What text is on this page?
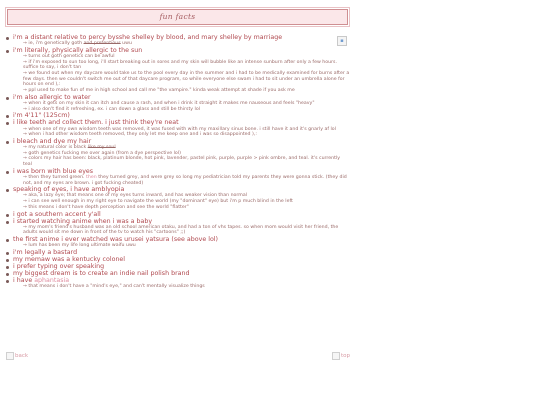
fun facts
i'm a distant relative to percy bysshe shelley by blood, and mary shelley by marriage
→ ie, i'm genetically goth and pretentious uwu
i'm literally, physically allergic to the sun
→ turns out goth genetics can be awful
→ if i'm exposed to sun too long, i'll start breaking out in sores and my skin will bubble like an intense sunburn after only a few hours. suffice to say, i don't tan
→ we found out when my daycare would take us to the pool every day in the summer and i had to be medically examined for burns after a few days. then we couldn't switch me out of that daycare program, so while everyone else swam i had to sit under an umbrella alone for hours on end ),:
→ ppl used to make fun of me in high school and call me "the vampire." kinda weak attempt at shade if you ask me
i'm also allergic to water
→ when it gets on my skin it can itch and cause a rash, and when i drink it straight it makes me nauseous and feels "heavy"
→ i also don't find it refreshing, ex. i can down a glass and still be thirsty lol
i'm 4'11" (125cm)
i like teeth and collect them. i just think they're neat
→ when one of my own wisdom teeth was removed, it was fused with with my maxillary sinus bone. i still have it and it's gnarly af lol
→ when i had other wisdom teeth removed, they only let me keep one and i was so disappointed ),:
i bleach and dye my hair
→ my natural color is black like my soul
→ goth genetics fucking me over again (from a dye perspective lol)
→ colors my hair has been: black, platinum blonde, hot pink, lavender, pastel pink, purple, purple > pink ombre, and teal. it's currently teal
i was born with blue eyes
→ then they turned green. then they turned grey, and were grey so long my pediatrician told my parents they were gonna stick. (they did not, and my eyes are brown. i got fucking cheated)
speaking of eyes, i have amblyopia
→ aka, a lazy eye; that means one of my eyes turns inward, and has weaker vision than normal
→ i can see well enough in my right eye to navigate the world (my "dominant" eye) but i'm p much blind in the left
→ this means i don't have depth perception and see the world "flatter"
i got a southern accent y'all
i started watching anime when i was a baby
→ my mom's friend's husband was an old school american otaku, and had a ton of vhs tapes. so when mom would visit her friend, the adults would sit me down in front of the tv to watch his "cartoons" ;;)
the first anime i ever watched was urusei yatsura (see above lol)
→ lum has been my life long ultimate waifu uwu
i'm legally a bastard
my memaw was a kentucky colonel
i prefer typing over speaking
my biggest dream is to create an indie nail polish brand
i have aphantasia
→ that means i don't have a "mind's eye," and can't mentally visualize things
▪
back	top
